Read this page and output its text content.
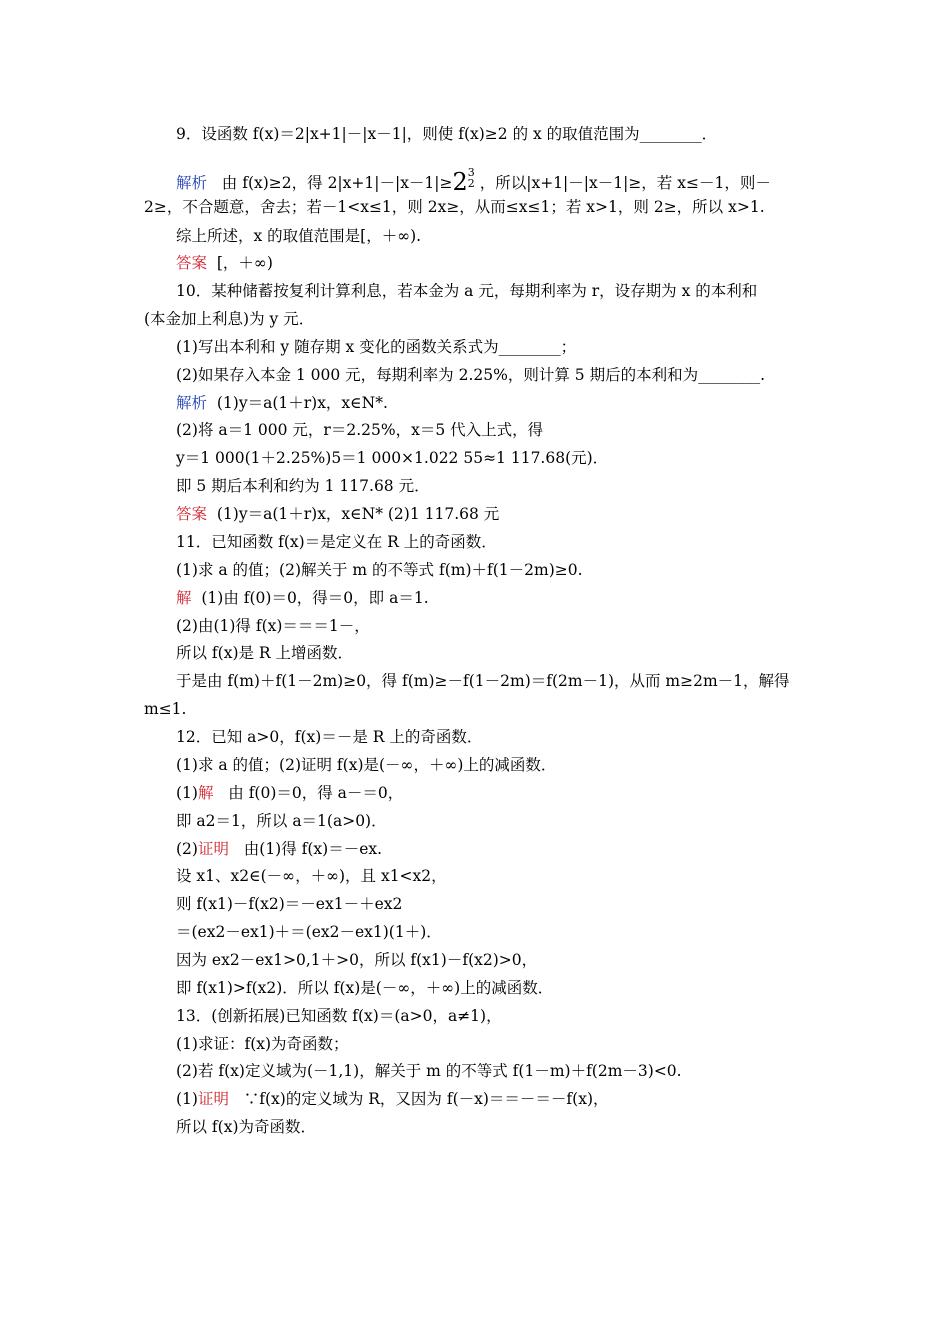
9．设函数 f(x)＝2|x+1|－|x－1|，则使 f(x)≥2 的 x 的取值范围为________．
解析 由 f(x)≥2，得 2|x+1|－|x－1|≥2 3
2 ，所以|x+1|－|x－1|≥，若 x≤－1，则－
2≥，不合题意，舍去；若－1<x≤1，则 2x≥，从而≤x≤1；若 x>1，则 2≥，所以 x>1.
综上所述，x 的取值范围是[，＋∞).
答案 [，＋∞)
10．某种储蓄按复利计算利息，若本金为 a 元，每期利率为 r，设存期为 x 的本利和
(本金加上利息)为 y 元．
(1)写出本利和 y 随存期 x 变化的函数关系式为________；
(2)如果存入本金 1 000 元，每期利率为 2.25%，则计算 5 期后的本利和为________.
解析 (1)y＝a(1＋r)x，x∈N*.
(2)将 a＝1 000 元，r＝2.25%，x＝5 代入上式，得
y＝1 000(1＋2.25%)5＝1 000×1.022 55≈1 117.68(元)．
即 5 期后本利和约为 1 117.68 元．
答案 (1)y＝a(1＋r)x，x∈N* (2)1 117.68 元
11．已知函数 f(x)＝是定义在 R 上的奇函数．
(1)求 a 的值；(2)解关于 m 的不等式 f(m)＋f(1－2m)≥0.
解 (1)由 f(0)＝0，得＝0，即 a＝1.
(2)由(1)得 f(x)＝＝＝1－，
所以 f(x)是 R 上增函数．
于是由 f(m)＋f(1－2m)≥0，得 f(m)≥－f(1－2m)＝f(2m－1)，从而 m≥2m－1，解得
m≤1.
12．已知 a>0，f(x)＝－是 R 上的奇函数．
(1)求 a 的值；(2)证明 f(x)是(－∞，＋∞)上的减函数．
(1)解 由 f(0)＝0，得 a－＝0，
即 a2＝1，所以 a＝1(a>0)．
(2)证明 由(1)得 f(x)＝－ex.
设 x1、x2∈(－∞，＋∞)，且 x1<x2，
则 f(x1)－f(x2)＝－ex1－＋ex2
＝(ex2－ex1)＋＝(ex2－ex1)(1＋)．
因为 ex2－ex1>0,1＋>0，所以 f(x1)－f(x2)>0，
即 f(x1)>f(x2)．所以 f(x)是(－∞，＋∞)上的减函数．
13．(创新拓展)已知函数 f(x)＝(a>0，a≠1)，
(1)求证：f(x)为奇函数；
(2)若 f(x)定义域为(－1,1)，解关于 m 的不等式 f(1－m)＋f(2m－3)<0.
(1)证明 ∵f(x)的定义域为 R，又因为 f(－x)＝＝－＝－f(x)，
所以 f(x)为奇函数．
